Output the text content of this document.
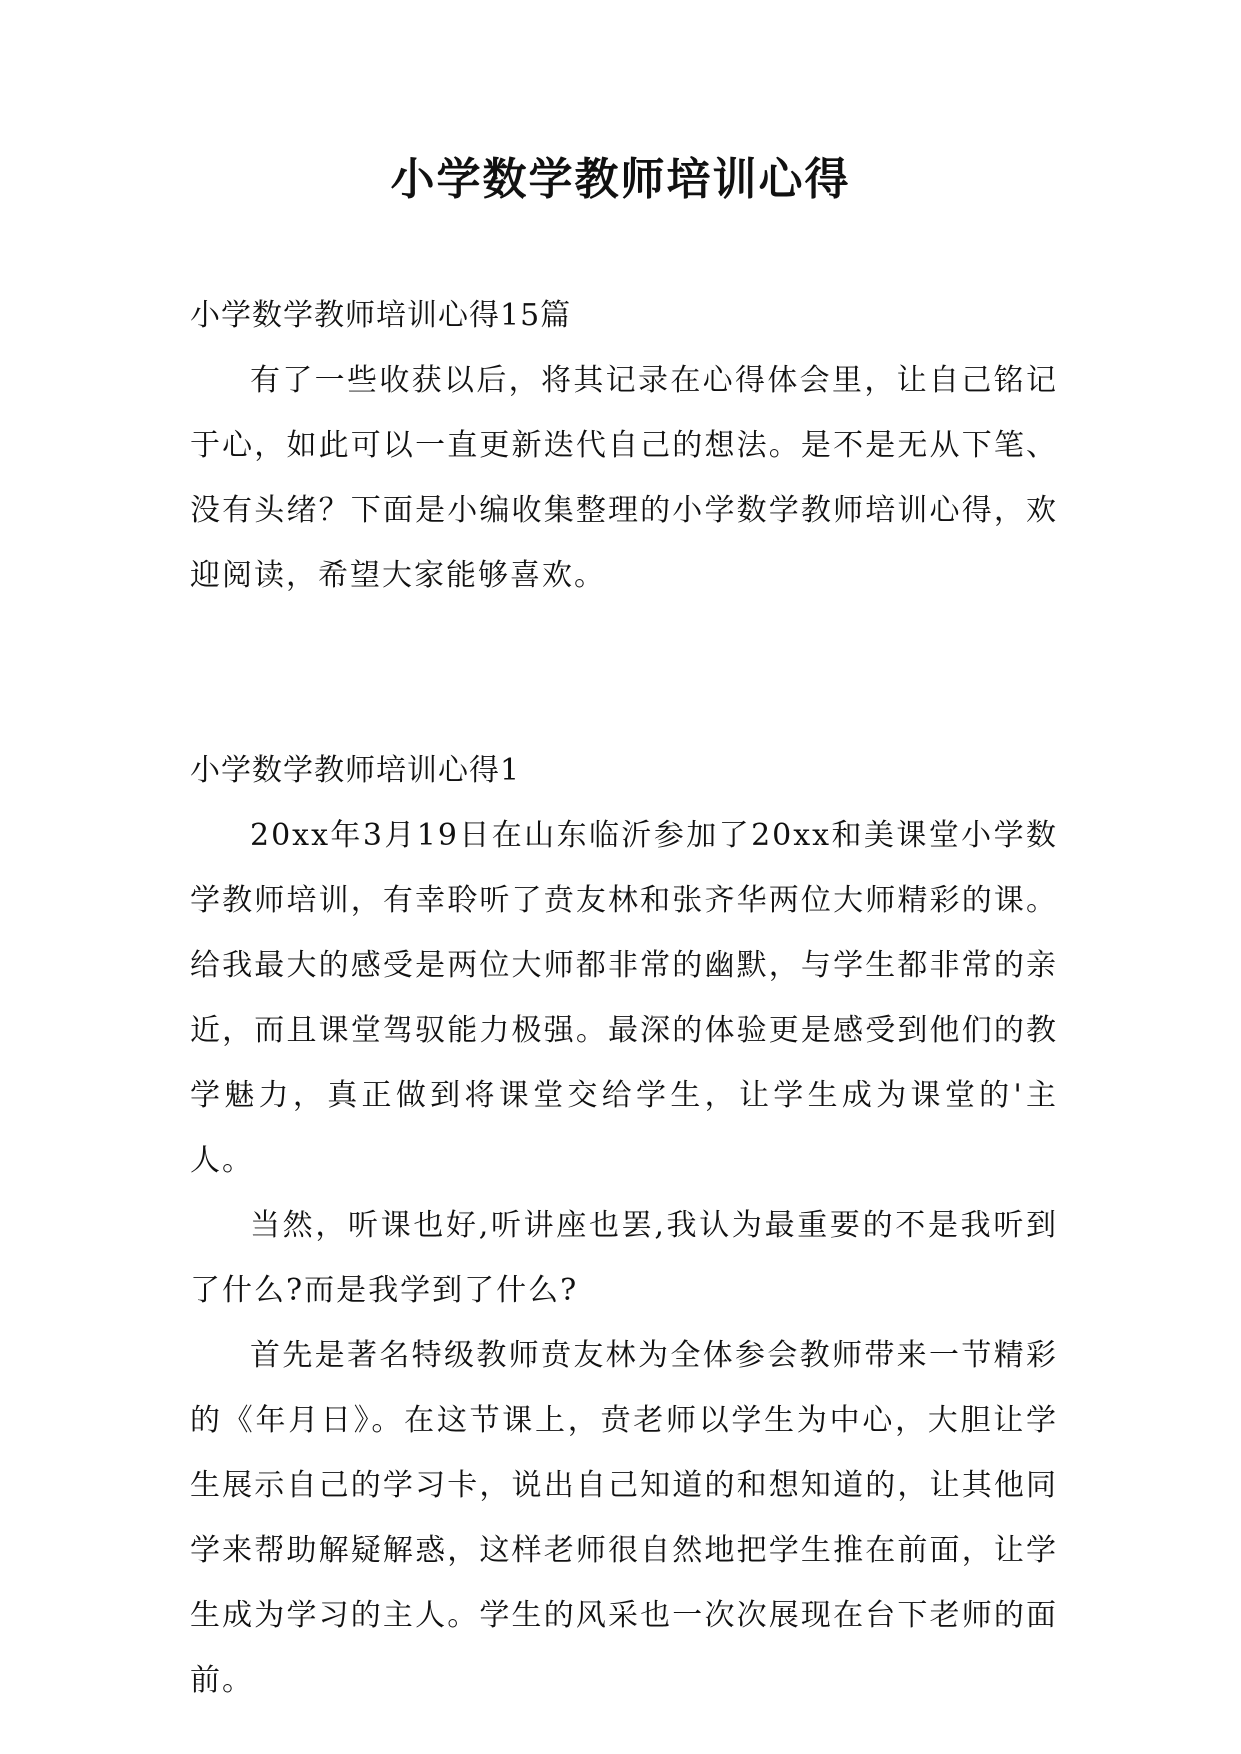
小学数学教师培训心得

小学数学教师培训心得15篇

有了一些收获以后，将其记录在心得体会里，让自己铭记于心，如此可以一直更新迭代自己的想法。是不是无从下笔、没有头绪？下面是小编收集整理的小学数学教师培训心得，欢迎阅读，希望大家能够喜欢。

小学数学教师培训心得1

20xx年3月19日在山东临沂参加了20xx和美课堂小学数学教师培训，有幸聆听了贲友林和张齐华两位大师精彩的课。给我最大的感受是两位大师都非常的幽默，与学生都非常的亲近，而且课堂驾驭能力极强。最深的体验更是感受到他们的教学魅力，真正做到将课堂交给学生，让学生成为课堂的'主人。

当然，听课也好,听讲座也罢,我认为最重要的不是我听到了什么?而是我学到了什么?

首先是著名特级教师贲友林为全体参会教师带来一节精彩的《年月日》。在这节课上，贲老师以学生为中心，大胆让学生展示自己的学习卡，说出自己知道的和想知道的，让其他同学来帮助解疑解惑，这样老师很自然地把学生推在前面，让学生成为学习的主人。学生的风采也一次次展现在台下老师的面前。
